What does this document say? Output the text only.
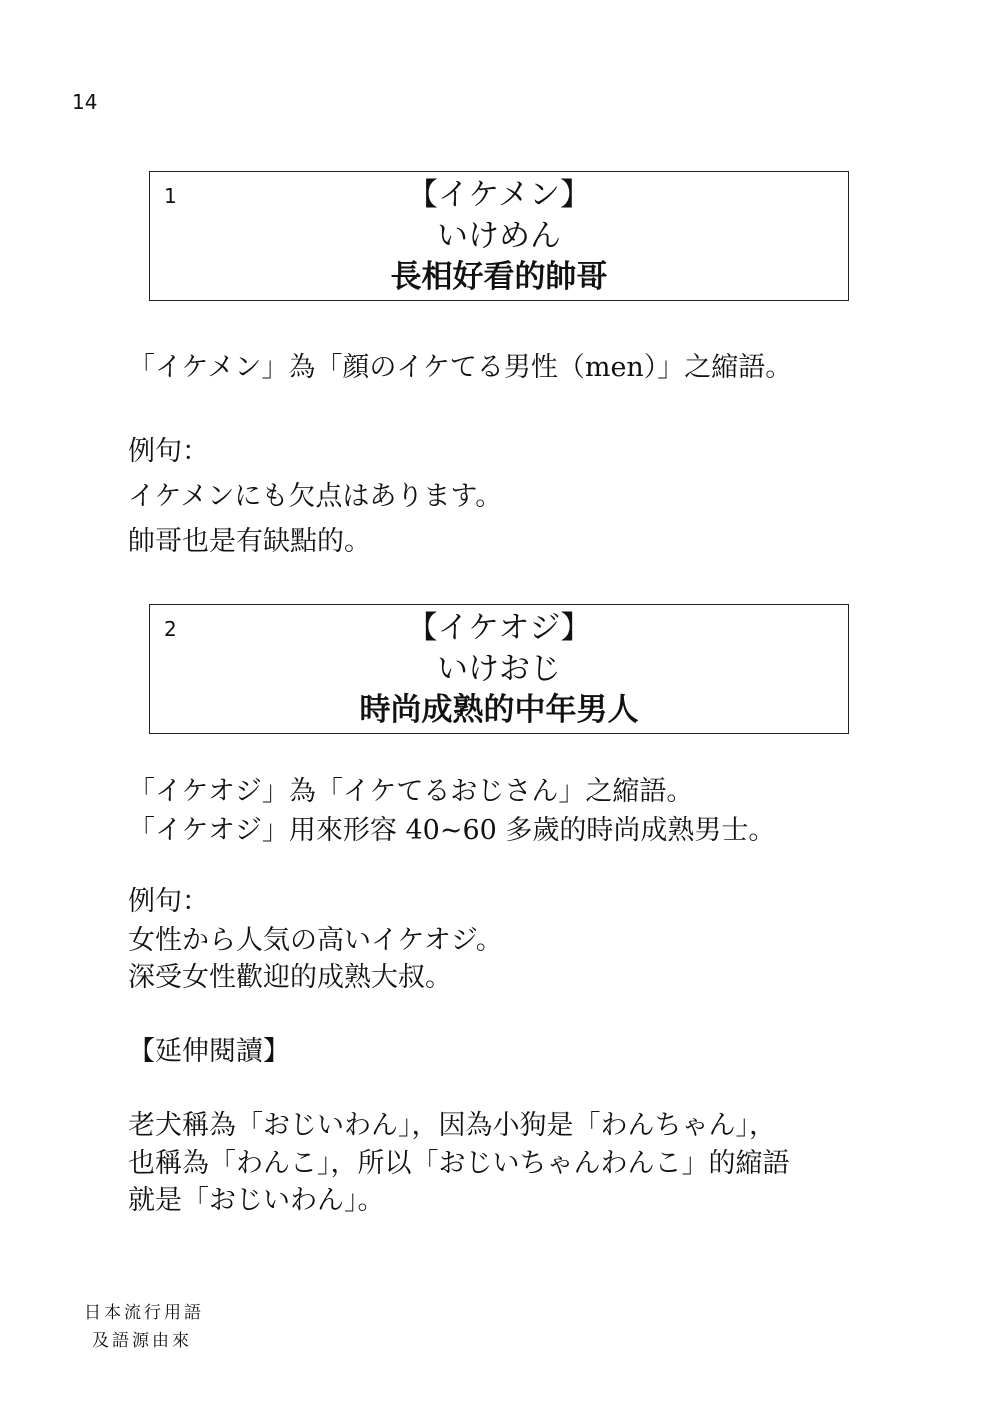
14
1	【イケメン】
いけめん
長相好看的帥哥
「イケメン」為「顔のイケてる男性（men）」之縮語。
例句：
イケメンにも欠点はあります。
帥哥也是有缺點的。
2	【イケオジ】
いけおじ
時尚成熟的中年男人
「イケオジ」為「イケてるおじさん」之縮語。
「イケオジ」用來形容 40~60 多歲的時尚成熟男士。
例句：
女性から人気の高いイケオジ。
深受女性歡迎的成熟大叔。
【延伸閱讀】
老犬稱為「おじいわん」，因為小狗是「わんちゃん」，
也稱為「わんこ」，所以「おじいちゃんわんこ」的縮語
就是「おじいわん」。
日本流行用語
及語源由來
